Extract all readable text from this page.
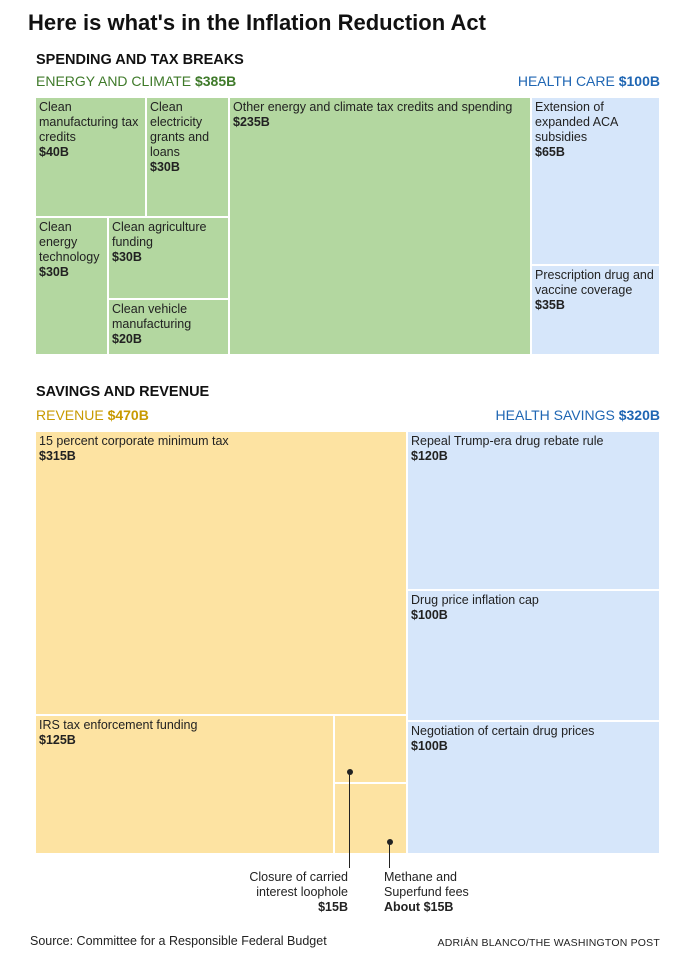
Here is what's in the Inflation Reduction Act
SPENDING AND TAX BREAKS
ENERGY AND CLIMATE $385B	HEALTH CARE $100B
Clean manufacturing tax credits
$40B
Clean electricity grants and loans
$30B
Other energy and climate tax credits and spending
$235B
Clean energy technology
$30B
Clean agriculture funding
$30B
Clean vehicle manufacturing
$20B
Extension of expanded ACA subsidies
$65B
Prescription drug and vaccine coverage
$35B
SAVINGS AND REVENUE
REVENUE $470B	HEALTH SAVINGS $320B
15 percent corporate minimum tax
$315B
IRS tax enforcement funding
$125B
Repeal Trump-era drug rebate rule
$120B
Drug price inflation cap
$100B
Negotiation of certain drug prices
$100B
Closure of carried interest loophole
$15B
Methane and Superfund fees
About $15B
Source: Committee for a Responsible Federal Budget	ADRIÁN BLANCO/THE WASHINGTON POST
